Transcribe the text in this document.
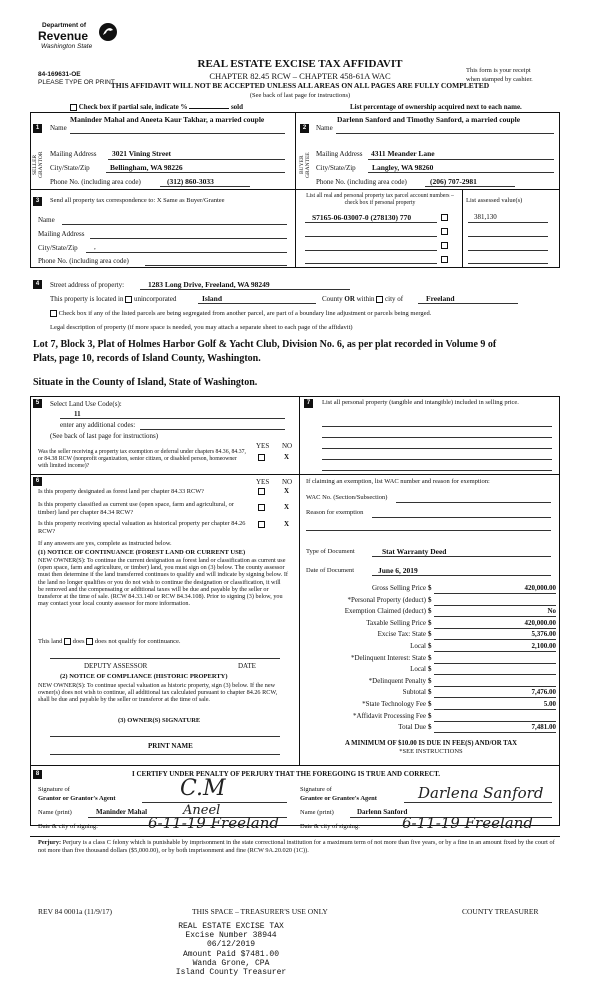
Department of
Revenue
Washington State
84-169631-OE
PLEASE TYPE OR PRINT
REAL ESTATE EXCISE TAX AFFIDAVIT
CHAPTER 82.45 RCW – CHAPTER 458-61A WAC
THIS AFFIDAVIT WILL NOT BE ACCEPTED UNLESS ALL AREAS ON ALL PAGES ARE FULLY COMPLETED
(See back of last page for instructions)
This form is your receipt
when stamped by cashier.
Check box if partial sale, indicate %	sold	List percentage of ownership acquired next to each name.
1
SELLER GRANTOR
Name
Maninder Mahal and Aneeta Kaur Takhar, a married couple
Mailing Address 3021 Vining Street
City/State/Zip	Bellingham, WA 98226
Phone No. (including area code)	(312) 860-3033
2
BUYER GRANTEE
Name
Darlenn Sanford and Timothy Sanford, a married couple
Mailing Address 4311 Meander Lane
City/State/Zip Langley, WA 98260
Phone No. (including area code)	(206) 707-2981
3	Send all property tax correspondence to: X Same as Buyer/Grantee
Name
Mailing Address
City/State/Zip ,
Phone No. (including area code)
List all real and personal property tax parcel account numbers – check box if personal property	List assessed value(s)
S7165-06-03007-0 (278130) 770	381,130
4	Street address of property:	1283 Long Drive, Freeland, WA 98249
This property is located in unincorporated	Island	County OR within city of	Freeland
Check box if any of the listed parcels are being segregated from another parcel, are part of a boundary line adjustment or parcels being merged.
Legal description of property (if more space is needed, you may attach a separate sheet to each page of the affidavit)
Lot 7, Block 3, Plat of Holmes Harbor Golf & Yacht Club, Division No. 6, as per plat recorded in Volume 9 of
Plats, page 10, records of Island County, Washington.
Situate in the County of Island, State of Washington.
5	Select Land Use Code(s):
11
enter any additional codes:
(See back of last page for instructions)
YES NO
Was the seller receiving a property tax exemption or deferral under chapters 84.36, 84.37, or 84.38 RCW (nonprofit organization, senior citizen, or disabled person, homeowner with limited income)?
X
6	YES NO
Is this property designated as forest land per chapter 84.33 RCW?	X
Is this property classified as current use (open space, farm and agricultural, or timber) land per chapter 84.34 RCW?
X
Is this property receiving special valuation as historical property per chapter 84.26 RCW?
X
If any answers are yes, complete as instructed below.
(1) NOTICE OF CONTINUANCE (FOREST LAND OR CURRENT USE)
NEW OWNER(S): To continue the current designation as forest land or classification as current use (open space, farm and agriculture, or timber) land, you must sign on (3) below. The county assessor must then determine if the land transferred continues to qualify and will indicate by signing below. If the land no longer qualifies or you do not wish to continue the designation or classification, it will be removed and the compensating or additional taxes will be due and payable by the seller or transferor at the time of sale. (RCW 84.33.140 or RCW 84.34.108). Prior to signing (3) below, you may contact your local county assessor for more information.
This land does does not qualify for continuance.
DEPUTY ASSESSOR	DATE
(2) NOTICE OF COMPLIANCE (HISTORIC PROPERTY)
NEW OWNER(S): To continue special valuation as historic property, sign (3) below. If the new owner(s) does not wish to continue, all additional tax calculated pursuant to chapter 84.26 RCW, shall be due and payable by the seller or transferor at the time of sale.
(3) OWNER(S) SIGNATURE
PRINT NAME
7	List all personal property (tangible and intangible) included in selling price.
If claiming an exemption, list WAC number and reason for exemption:
WAC No. (Section/Subsection)
Reason for exemption
Type of Document	Stat Warranty Deed
Date of Document	June 6, 2019
Gross Selling Price $	420,000.00
*Personal Property (deduct) $
Exemption Claimed (deduct) $	No
Taxable Selling Price $	420,000.00
Excise Tax: State $	5,376.00
Local $	2,100.00
*Delinquent Interest: State $
Local $
*Delinquent Penalty $
Subtotal $	7,476.00
*State Technology Fee $	5.00
*Affidavit Processing Fee $
Total Due $	7,481.00
A MINIMUM OF $10.00 IS DUE IN FEE(S) AND/OR TAX
*SEE INSTRUCTIONS
8	I CERTIFY UNDER PENALTY OF PERJURY THAT THE FOREGOING IS TRUE AND CORRECT.
Signature of
Grantor or Grantor's Agent	C.M
Name (print)	Maninder Mahal	Aneel
Date & city of signing:	6-11-19 Freeland
Signature of
Grantee or Grantee's Agent	Darlena Sanford
Name (print)	Darlenn Sanford
Date & city of signing:	6-11-19 Freeland
Perjury: Perjury is a class C felony which is punishable by imprisonment in the state correctional institution for a maximum term of not more than five years, or by a fine in an amount fixed by the court of not more than five thousand dollars ($5,000.00), or by both imprisonment and fine (RCW 9A.20.020 (1C)).
REV 84 0001a (11/9/17)	THIS SPACE – TREASURER'S USE ONLY	COUNTY TREASURER
REAL ESTATE EXCISE TAX
Excise Number 38944
06/12/2019
Amount Paid $7481.00
Wanda Grone, CPA
Island County Treasurer
